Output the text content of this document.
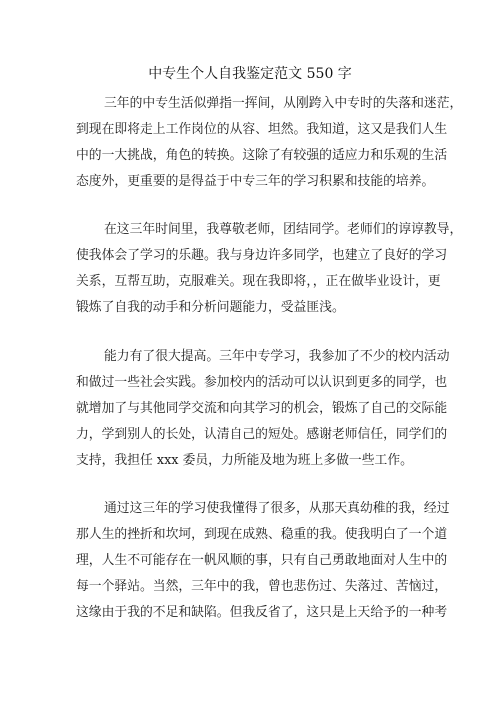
中专生个人自我鉴定范文 550 字
三年的中专生活似弹指一挥间，从刚跨入中专时的失落和迷茫，
到现在即将走上工作岗位的从容、坦然。我知道，这又是我们人生
中的一大挑战，角色的转换。这除了有较强的适应力和乐观的生活
态度外，更重要的是得益于中专三年的学习积累和技能的培养。
在这三年时间里，我尊敬老师，团结同学。老师们的谆谆教导，
使我体会了学习的乐趣。我与身边许多同学，也建立了良好的学习
关系，互帮互助，克服难关。现在我即将，，正在做毕业设计，更
锻炼了自我的动手和分析问题能力，受益匪浅。
能力有了很大提高。三年中专学习，我参加了不少的校内活动
和做过一些社会实践。参加校内的活动可以认识到更多的同学，也
就增加了与其他同学交流和向其学习的机会，锻炼了自己的交际能
力，学到别人的长处，认清自己的短处。感谢老师信任，同学们的
支持，我担任 xxx 委员，力所能及地为班上多做一些工作。
通过这三年的学习使我懂得了很多，从那天真幼稚的我，经过
那人生的挫折和坎坷，到现在成熟、稳重的我。使我明白了一个道
理，人生不可能存在一帆风顺的事，只有自己勇敢地面对人生中的
每一个驿站。当然，三年中的我，曾也悲伤过、失落过、苦恼过，
这缘由于我的不足和缺陷。但我反省了，这只是上天给予的一种考
